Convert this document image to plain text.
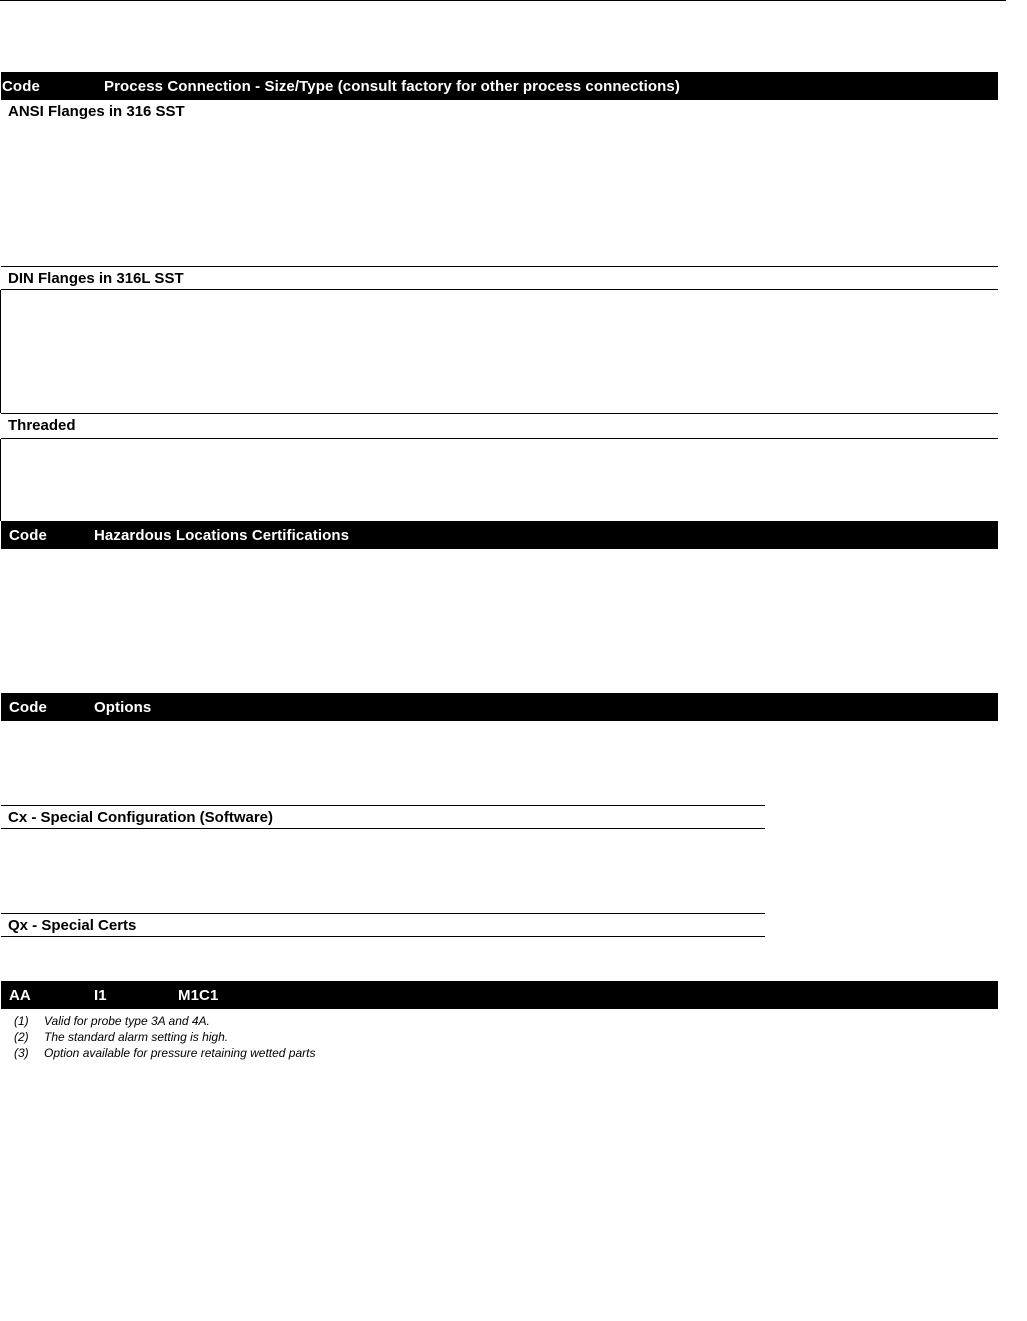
Code	Process Connection - Size/Type (consult factory for other process connections)
ANSI Flanges in 316 SST
DIN Flanges in 316L SST
Threaded
Code	Hazardous Locations Certifications
Code	Options
Cx - Special Configuration (Software)
Qx - Special Certs
AA	I1	M1C1
(1) Valid for probe type 3A and 4A.
(2) The standard alarm setting is high.
(3) Option available for pressure retaining wetted parts
